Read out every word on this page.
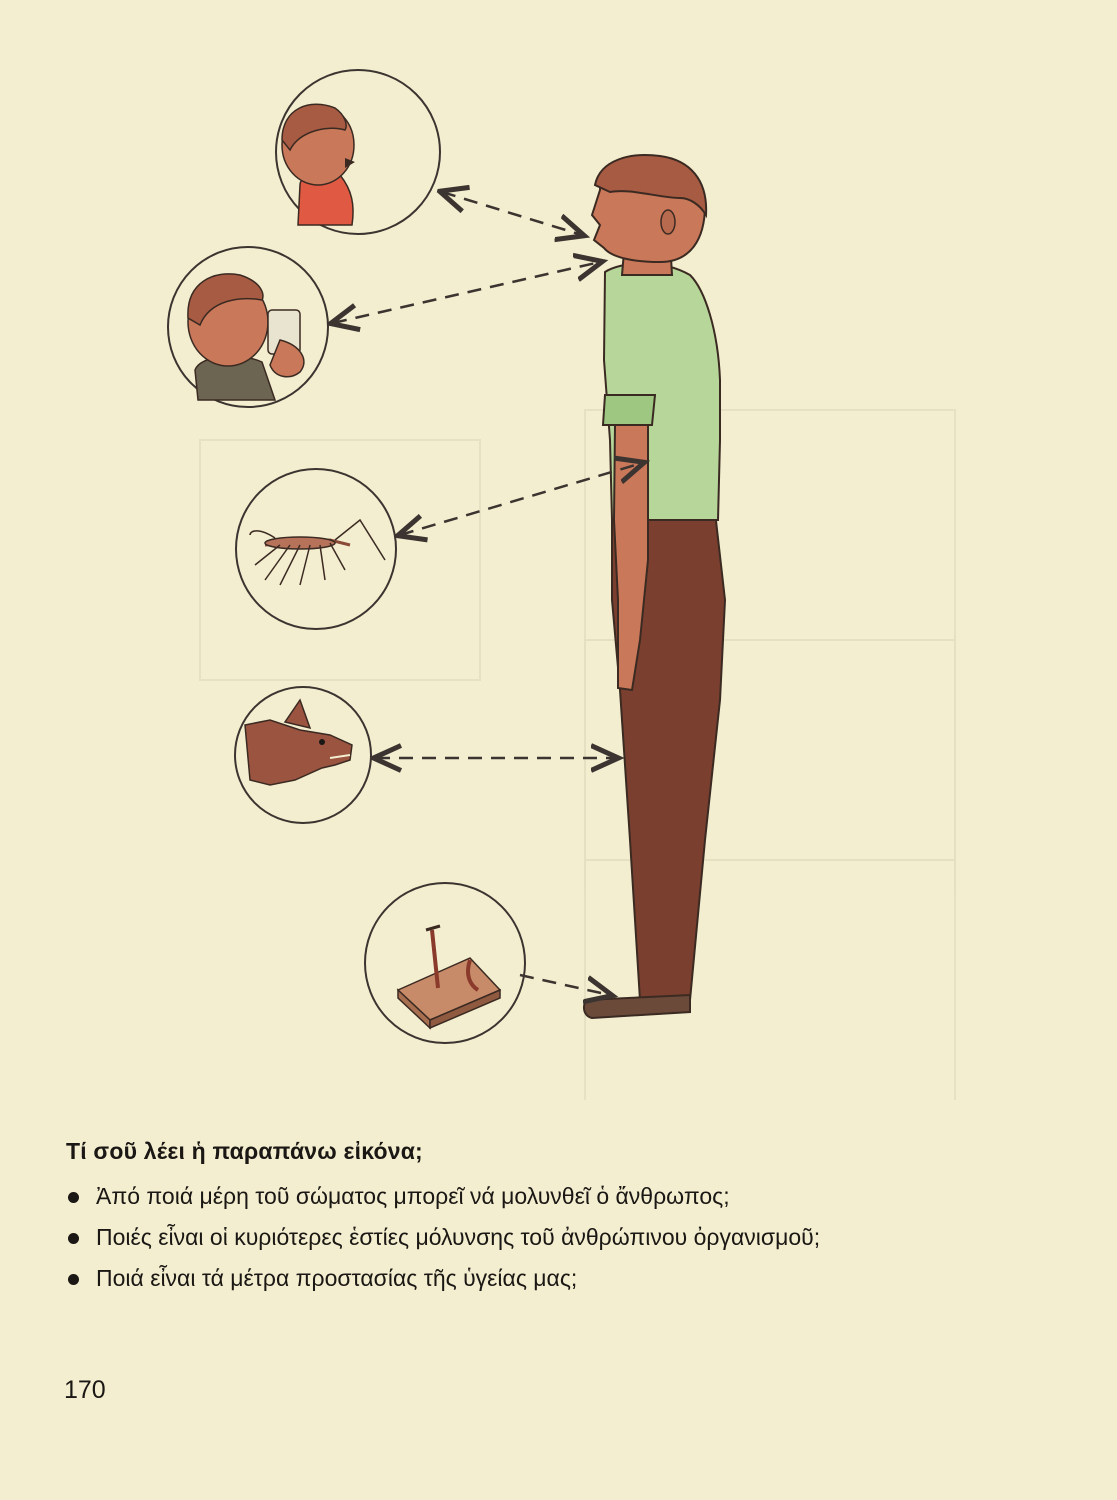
Τί σοῦ λέει ἡ παραπάνω εἰκόνα;
Ἀπό ποιά μέρη τοῦ σώματος μπορεῖ νά μολυνθεῖ ὁ ἄνθρωπος;
Ποιές εἶναι οἱ κυριότερες ἑστίες μόλυνσης τοῦ ἀνθρώπινου ὀργανισμοῦ;
Ποιά εἶναι τά μέτρα προστασίας τῆς ὑγείας μας;
170
